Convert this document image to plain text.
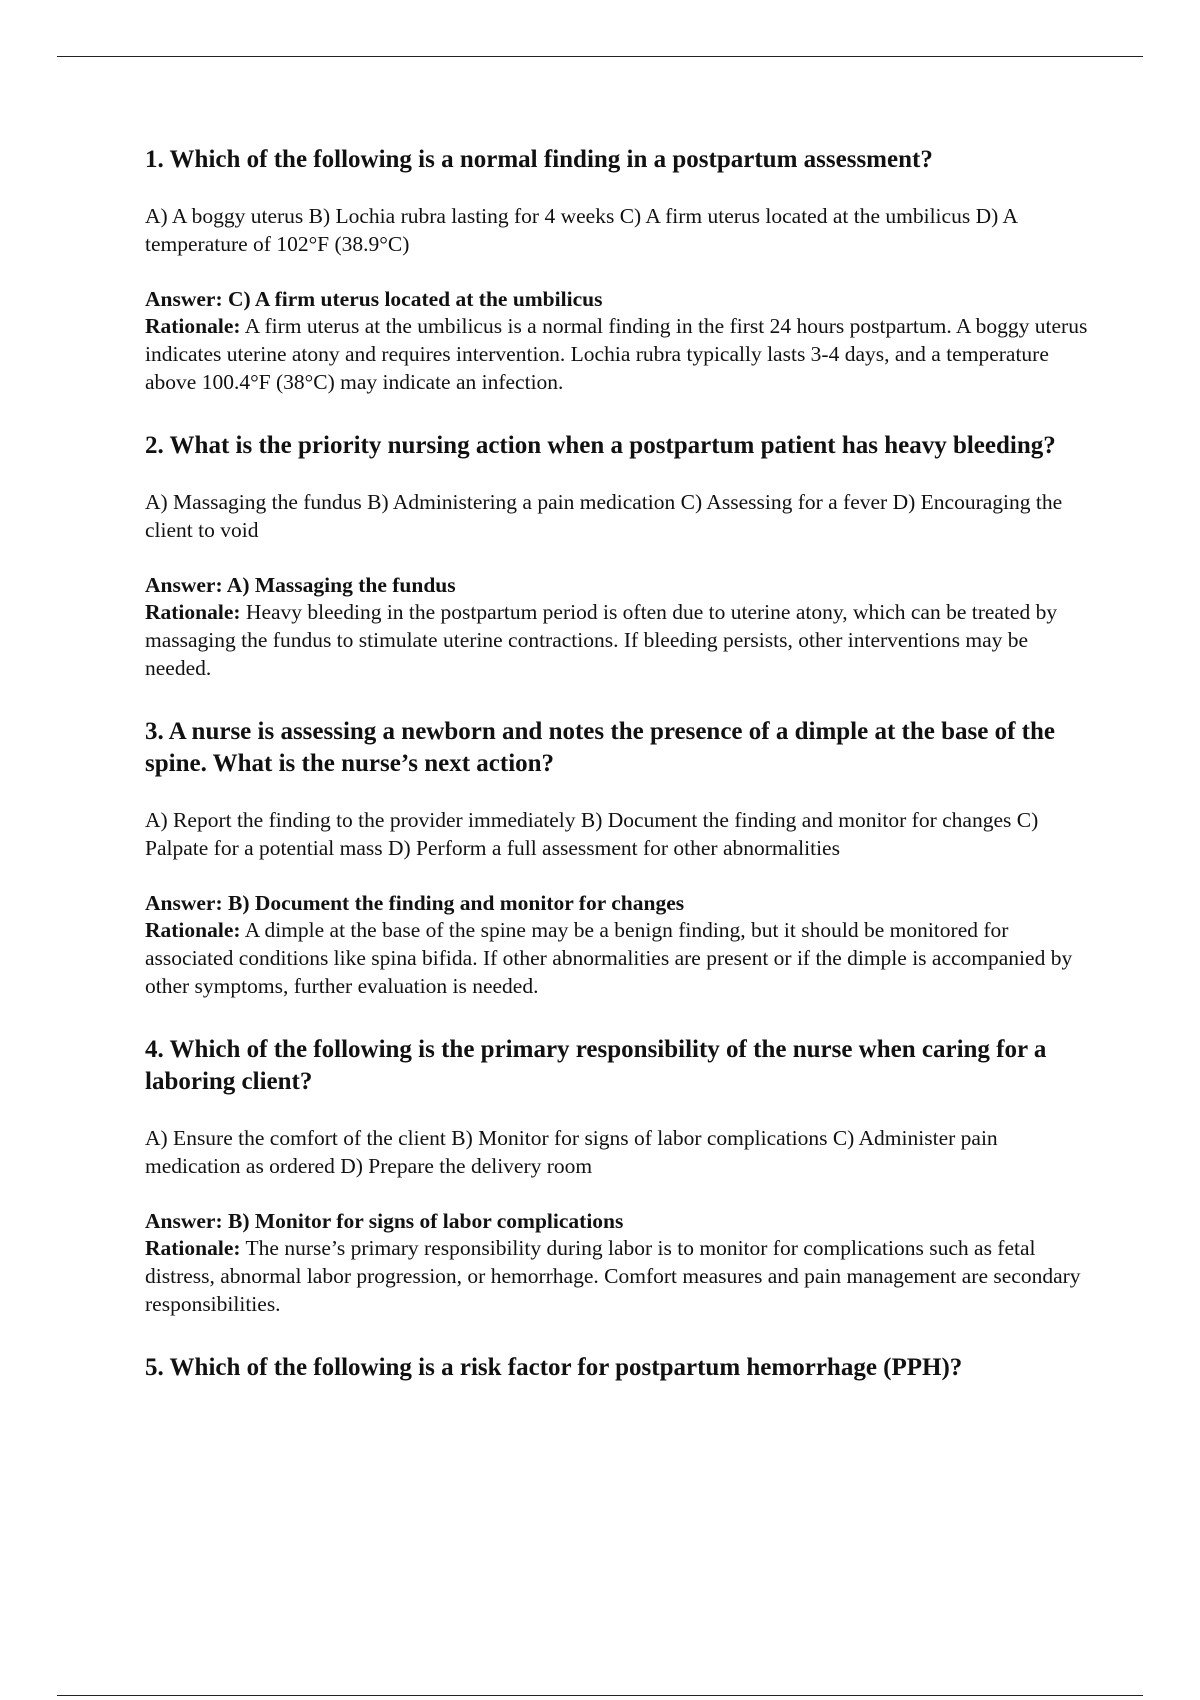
1. Which of the following is a normal finding in a postpartum assessment?
A) A boggy uterus B) Lochia rubra lasting for 4 weeks C) A firm uterus located at the umbilicus D) A temperature of 102°F (38.9°C)
Answer: C) A firm uterus located at the umbilicus
Rationale: A firm uterus at the umbilicus is a normal finding in the first 24 hours postpartum. A boggy uterus indicates uterine atony and requires intervention. Lochia rubra typically lasts 3-4 days, and a temperature above 100.4°F (38°C) may indicate an infection.
2. What is the priority nursing action when a postpartum patient has heavy bleeding?
A) Massaging the fundus B) Administering a pain medication C) Assessing for a fever D) Encouraging the client to void
Answer: A) Massaging the fundus
Rationale: Heavy bleeding in the postpartum period is often due to uterine atony, which can be treated by massaging the fundus to stimulate uterine contractions. If bleeding persists, other interventions may be needed.
3. A nurse is assessing a newborn and notes the presence of a dimple at the base of the spine. What is the nurse’s next action?
A) Report the finding to the provider immediately B) Document the finding and monitor for changes C) Palpate for a potential mass D) Perform a full assessment for other abnormalities
Answer: B) Document the finding and monitor for changes
Rationale: A dimple at the base of the spine may be a benign finding, but it should be monitored for associated conditions like spina bifida. If other abnormalities are present or if the dimple is accompanied by other symptoms, further evaluation is needed.
4. Which of the following is the primary responsibility of the nurse when caring for a laboring client?
A) Ensure the comfort of the client B) Monitor for signs of labor complications C) Administer pain medication as ordered D) Prepare the delivery room
Answer: B) Monitor for signs of labor complications
Rationale: The nurse’s primary responsibility during labor is to monitor for complications such as fetal distress, abnormal labor progression, or hemorrhage. Comfort measures and pain management are secondary responsibilities.
5. Which of the following is a risk factor for postpartum hemorrhage (PPH)?
